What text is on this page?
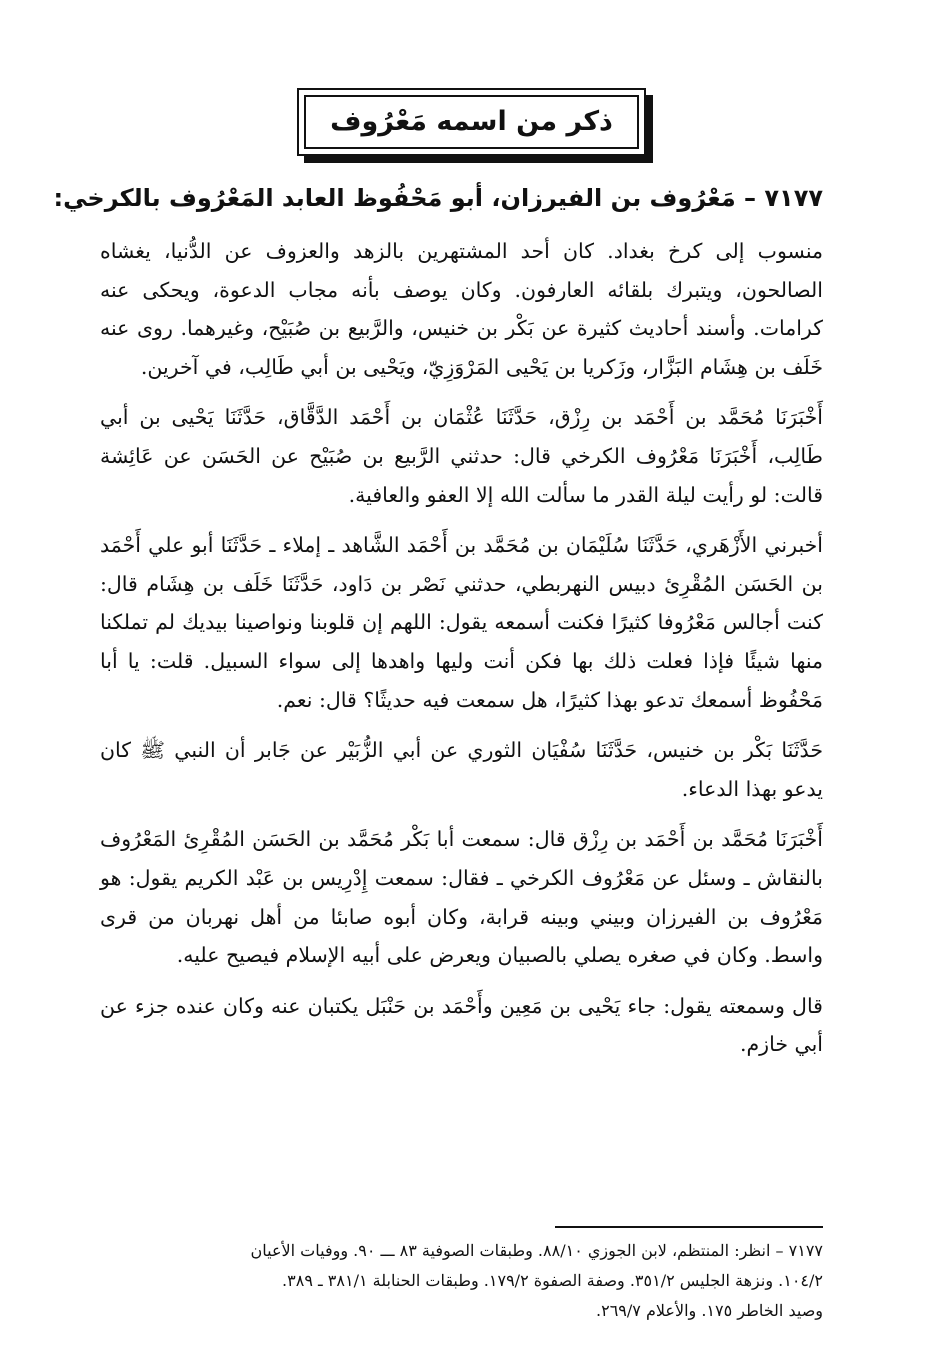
ذكر من اسمه مَعْرُوف
٧١٧٧ – مَعْرُوف بن الفيرزان، أبو مَحْفُوظ العابد المَعْرُوف بالكرخي:

منسوب إلى كرخ بغداد. كان أحد المشتهرين بالزهد والعزوف عن الدُّنيا، يغشاه الصالحون، ويتبرك بلقائه العارفون. وكان يوصف بأنه مجاب الدعوة، ويحكى عنه كرامات. وأسند أحاديث كثيرة عن بَكْر بن خنيس، والرَّبيع بن صُبَيْح، وغيرهما. روى عنه خَلَف بن هِشَام البَزَّار، وزَكريا بن يَحْيى المَرْوَزِيّ، ويَحْيى بن أبي طَالِب، في آخرين.

أَخْبَرَنَا مُحَمَّد بن أَحْمَد بن رِزْق، حَدَّثَنَا عُثْمَان بن أَحْمَد الدَّقَّاق، حَدَّثَنَا يَحْيى بن أبي طَالِب، أَخْبَرَنَا مَعْرُوف الكرخي قال: حدثني الرَّبيع بن صُبَيْح عن الحَسَن عن عَائِشة قالت: لو رأيت ليلة القدر ما سألت الله إلا العفو والعافية.

أخبرني الأَزْهَري، حَدَّثَنَا سُلَيْمَان بن مُحَمَّد بن أَحْمَد الشَّاهد ـ إملاء ـ حَدَّثَنَا أبو علي أَحْمَد بن الحَسَن المُقْرِئ دبيس النهربطي، حدثني نَصْر بن دَاود، حَدَّثَنَا خَلَف بن هِشَام قال: كنت أجالس مَعْرُوفا كثيرًا فكنت أسمعه يقول: اللهم إن قلوبنا ونواصينا بيديك لم تملكنا منها شيئًا فإذا فعلت ذلك بها فكن أنت وليها واهدها إلى سواء السبيل. قلت: يا أبا مَحْفُوظ أسمعك تدعو بهذا كثيرًا، هل سمعت فيه حديثًا؟ قال: نعم.

حَدَّثَنَا بَكْر بن خنيس، حَدَّثَنَا سُفْيَان الثوري عن أبي الزُّبَيْر عن جَابر أن النبي ﷺ كان يدعو بهذا الدعاء.

أَخْبَرَنَا مُحَمَّد بن أَحْمَد بن رِزْق قال: سمعت أبا بَكْر مُحَمَّد بن الحَسَن المُقْرِئ المَعْرُوف بالنقاش ـ وسئل عن مَعْرُوف الكرخي ـ فقال: سمعت إِدْرِيس بن عَبْد الكريم يقول: هو مَعْرُوف بن الفيرزان وبيني وبينه قرابة، وكان أبوه صابئا من أهل نهربان من قرى واسط. وكان في صغره يصلي بالصبيان ويعرض على أبيه الإسلام فيصيح عليه.

قال وسمعته يقول: جاء يَحْيى بن مَعِين وأَحْمَد بن حَنْبَل يكتبان عنه وكان عنده جزء عن أبي خازم.

٧١٧٧ – انظر: المنتظم، لابن الجوزي ٨٨/١٠. وطبقات الصوفية ٨٣ ـــ ٩٠. ووفيات الأعيان
١٠٤/٢. ونزهة الجليس ٣٥١/٢. وصفة الصفوة ١٧٩/٢. وطبقات الحنابلة ٣٨١/١ ـ ٣٨٩.
وصيد الخاطر ١٧٥. والأعلام ٢٦٩/٧.
